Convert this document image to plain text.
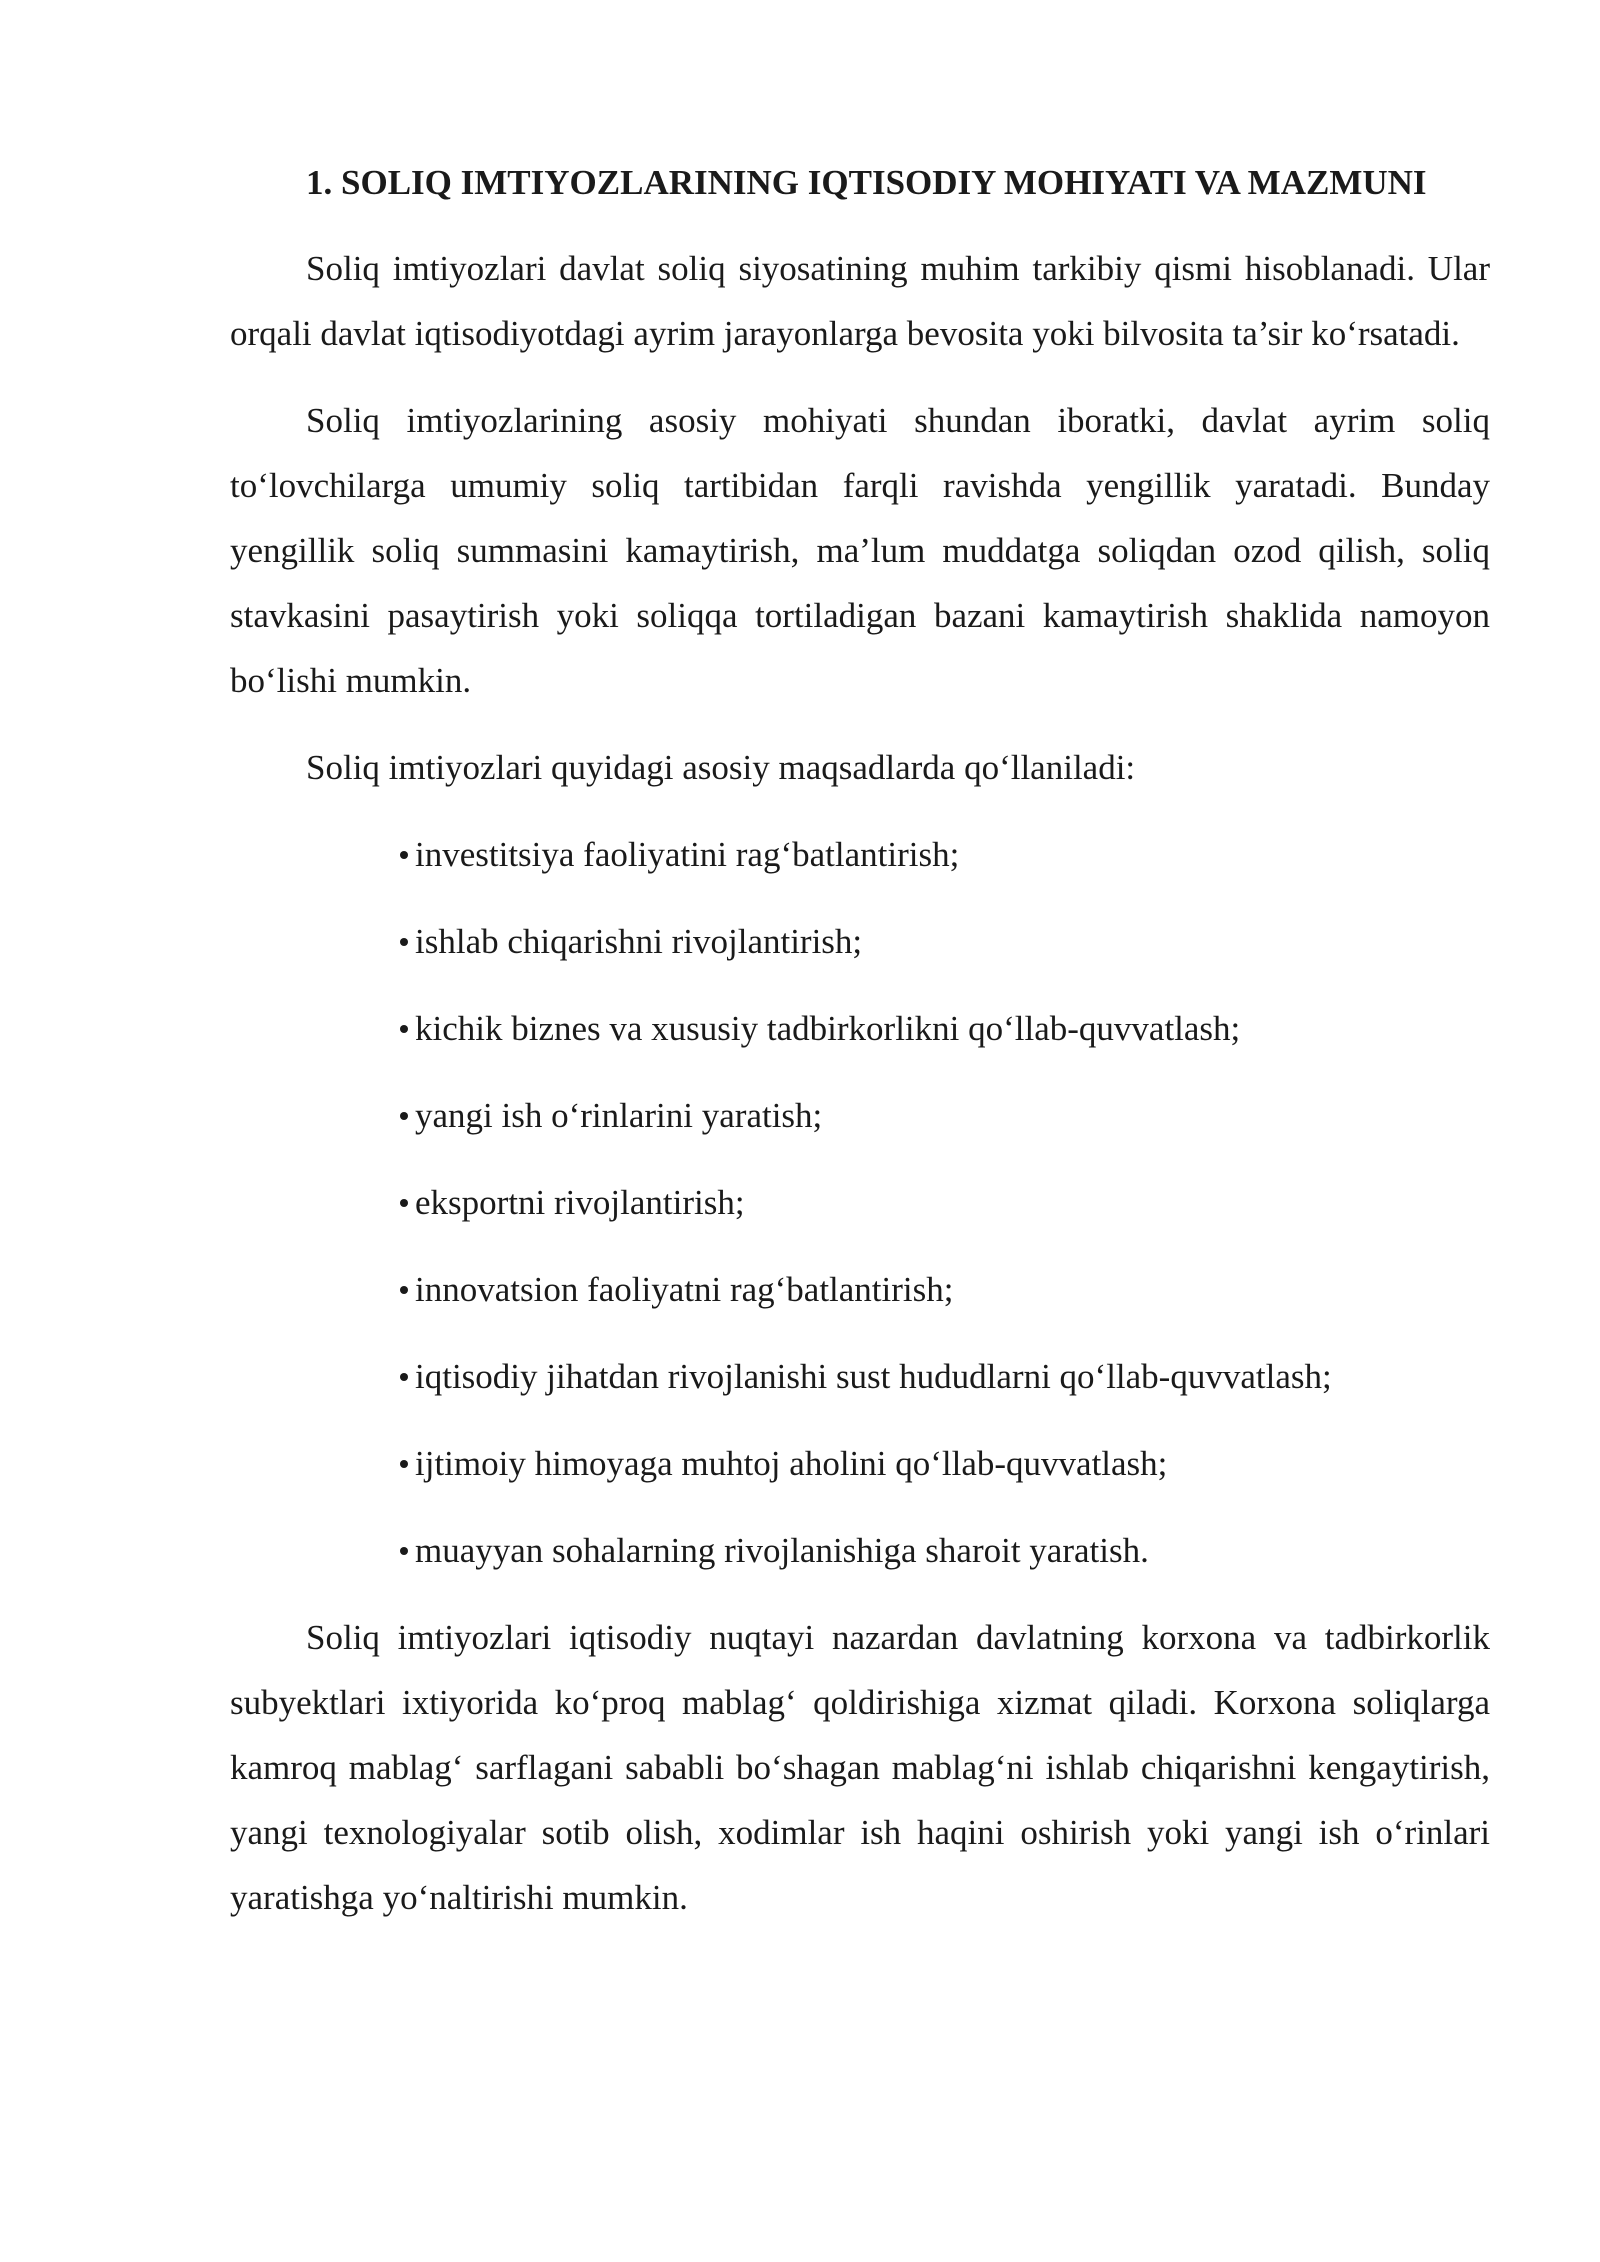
1. SOLIQ IMTIYOZLARINING IQTISODIY MOHIYATI VA MAZMUNI

Soliq imtiyozlari davlat soliq siyosatining muhim tarkibiy qismi hisoblanadi. Ular orqali davlat iqtisodiyotdagi ayrim jarayonlarga bevosita yoki bilvosita ta’sir ko‘rsatadi.

Soliq imtiyozlarining asosiy mohiyati shundan iboratki, davlat ayrim soliq to‘lovchilarga umumiy soliq tartibidan farqli ravishda yengillik yaratadi. Bunday yengillik soliq summasini kamaytirish, ma’lum muddatga soliqdan ozod qilish, soliq stavkasini pasaytirish yoki soliqqa tortiladigan bazani kamaytirish shaklida namoyon bo‘lishi mumkin.

Soliq imtiyozlari quyidagi asosiy maqsadlarda qo‘llaniladi:

investitsiya faoliyatini rag‘batlantirish;
ishlab chiqarishni rivojlantirish;
kichik biznes va xususiy tadbirkorlikni qo‘llab-quvvatlash;
yangi ish o‘rinlarini yaratish;
eksportni rivojlantirish;
innovatsion faoliyatni rag‘batlantirish;
iqtisodiy jihatdan rivojlanishi sust hududlarni qo‘llab-quvvatlash;
ijtimoiy himoyaga muhtoj aholini qo‘llab-quvvatlash;
muayyan sohalarning rivojlanishiga sharoit yaratish.

Soliq imtiyozlari iqtisodiy nuqtayi nazardan davlatning korxona va tadbirkorlik subyektlari ixtiyorida ko‘proq mablag‘ qoldirishiga xizmat qiladi. Korxona soliqlarga kamroq mablag‘ sarflagani sababli bo‘shagan mablag‘ni ishlab chiqarishni kengaytirish, yangi texnologiyalar sotib olish, xodimlar ish haqini oshirish yoki yangi ish o‘rinlari yaratishga yo‘naltirishi mumkin.
